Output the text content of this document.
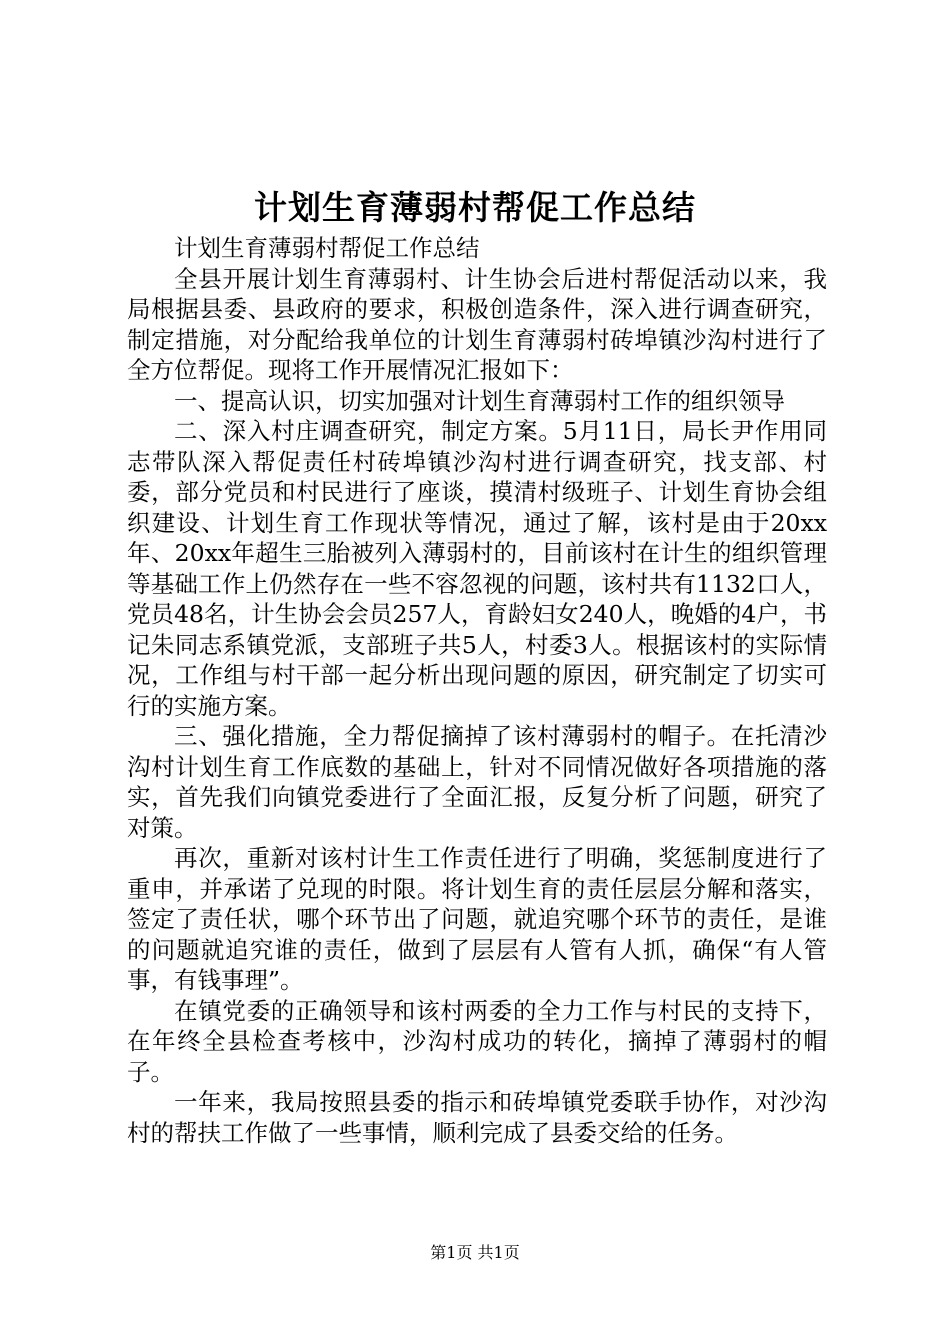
计划生育薄弱村帮促工作总结

计划生育薄弱村帮促工作总结

全县开展计划生育薄弱村、计生协会后进村帮促活动以来，我局根据县委、县政府的要求，积极创造条件，深入进行调查研究，制定措施，对分配给我单位的计划生育薄弱村砖埠镇沙沟村进行了全方位帮促。现将工作开展情况汇报如下：

一、提高认识，切实加强对计划生育薄弱村工作的组织领导

二、深入村庄调查研究，制定方案。5月11日，局长尹作用同志带队深入帮促责任村砖埠镇沙沟村进行调查研究，找支部、村委，部分党员和村民进行了座谈，摸清村级班子、计划生育协会组织建设、计划生育工作现状等情况，通过了解，该村是由于20xx年、20xx年超生三胎被列入薄弱村的，目前该村在计生的组织管理等基础工作上仍然存在一些不容忽视的问题，该村共有1132口人，党员48名，计生协会会员257人，育龄妇女240人，晚婚的4户，书记朱同志系镇党派，支部班子共5人，村委3人。根据该村的实际情况，工作组与村干部一起分析出现问题的原因，研究制定了切实可行的实施方案。

三、强化措施，全力帮促摘掉了该村薄弱村的帽子。在托清沙沟村计划生育工作底数的基础上，针对不同情况做好各项措施的落实，首先我们向镇党委进行了全面汇报，反复分析了问题，研究了对策。

再次，重新对该村计生工作责任进行了明确，奖惩制度进行了重申，并承诺了兑现的时限。将计划生育的责任层层分解和落实，签定了责任状，哪个环节出了问题，就追究哪个环节的责任，是谁的问题就追究谁的责任，做到了层层有人管有人抓，确保“有人管事，有钱事理”。

在镇党委的正确领导和该村两委的全力工作与村民的支持下，在年终全县检查考核中，沙沟村成功的转化，摘掉了薄弱村的帽子。

一年来，我局按照县委的指示和砖埠镇党委联手协作，对沙沟村的帮扶工作做了一些事情，顺利完成了县委交给的任务。

第1页 共1页
